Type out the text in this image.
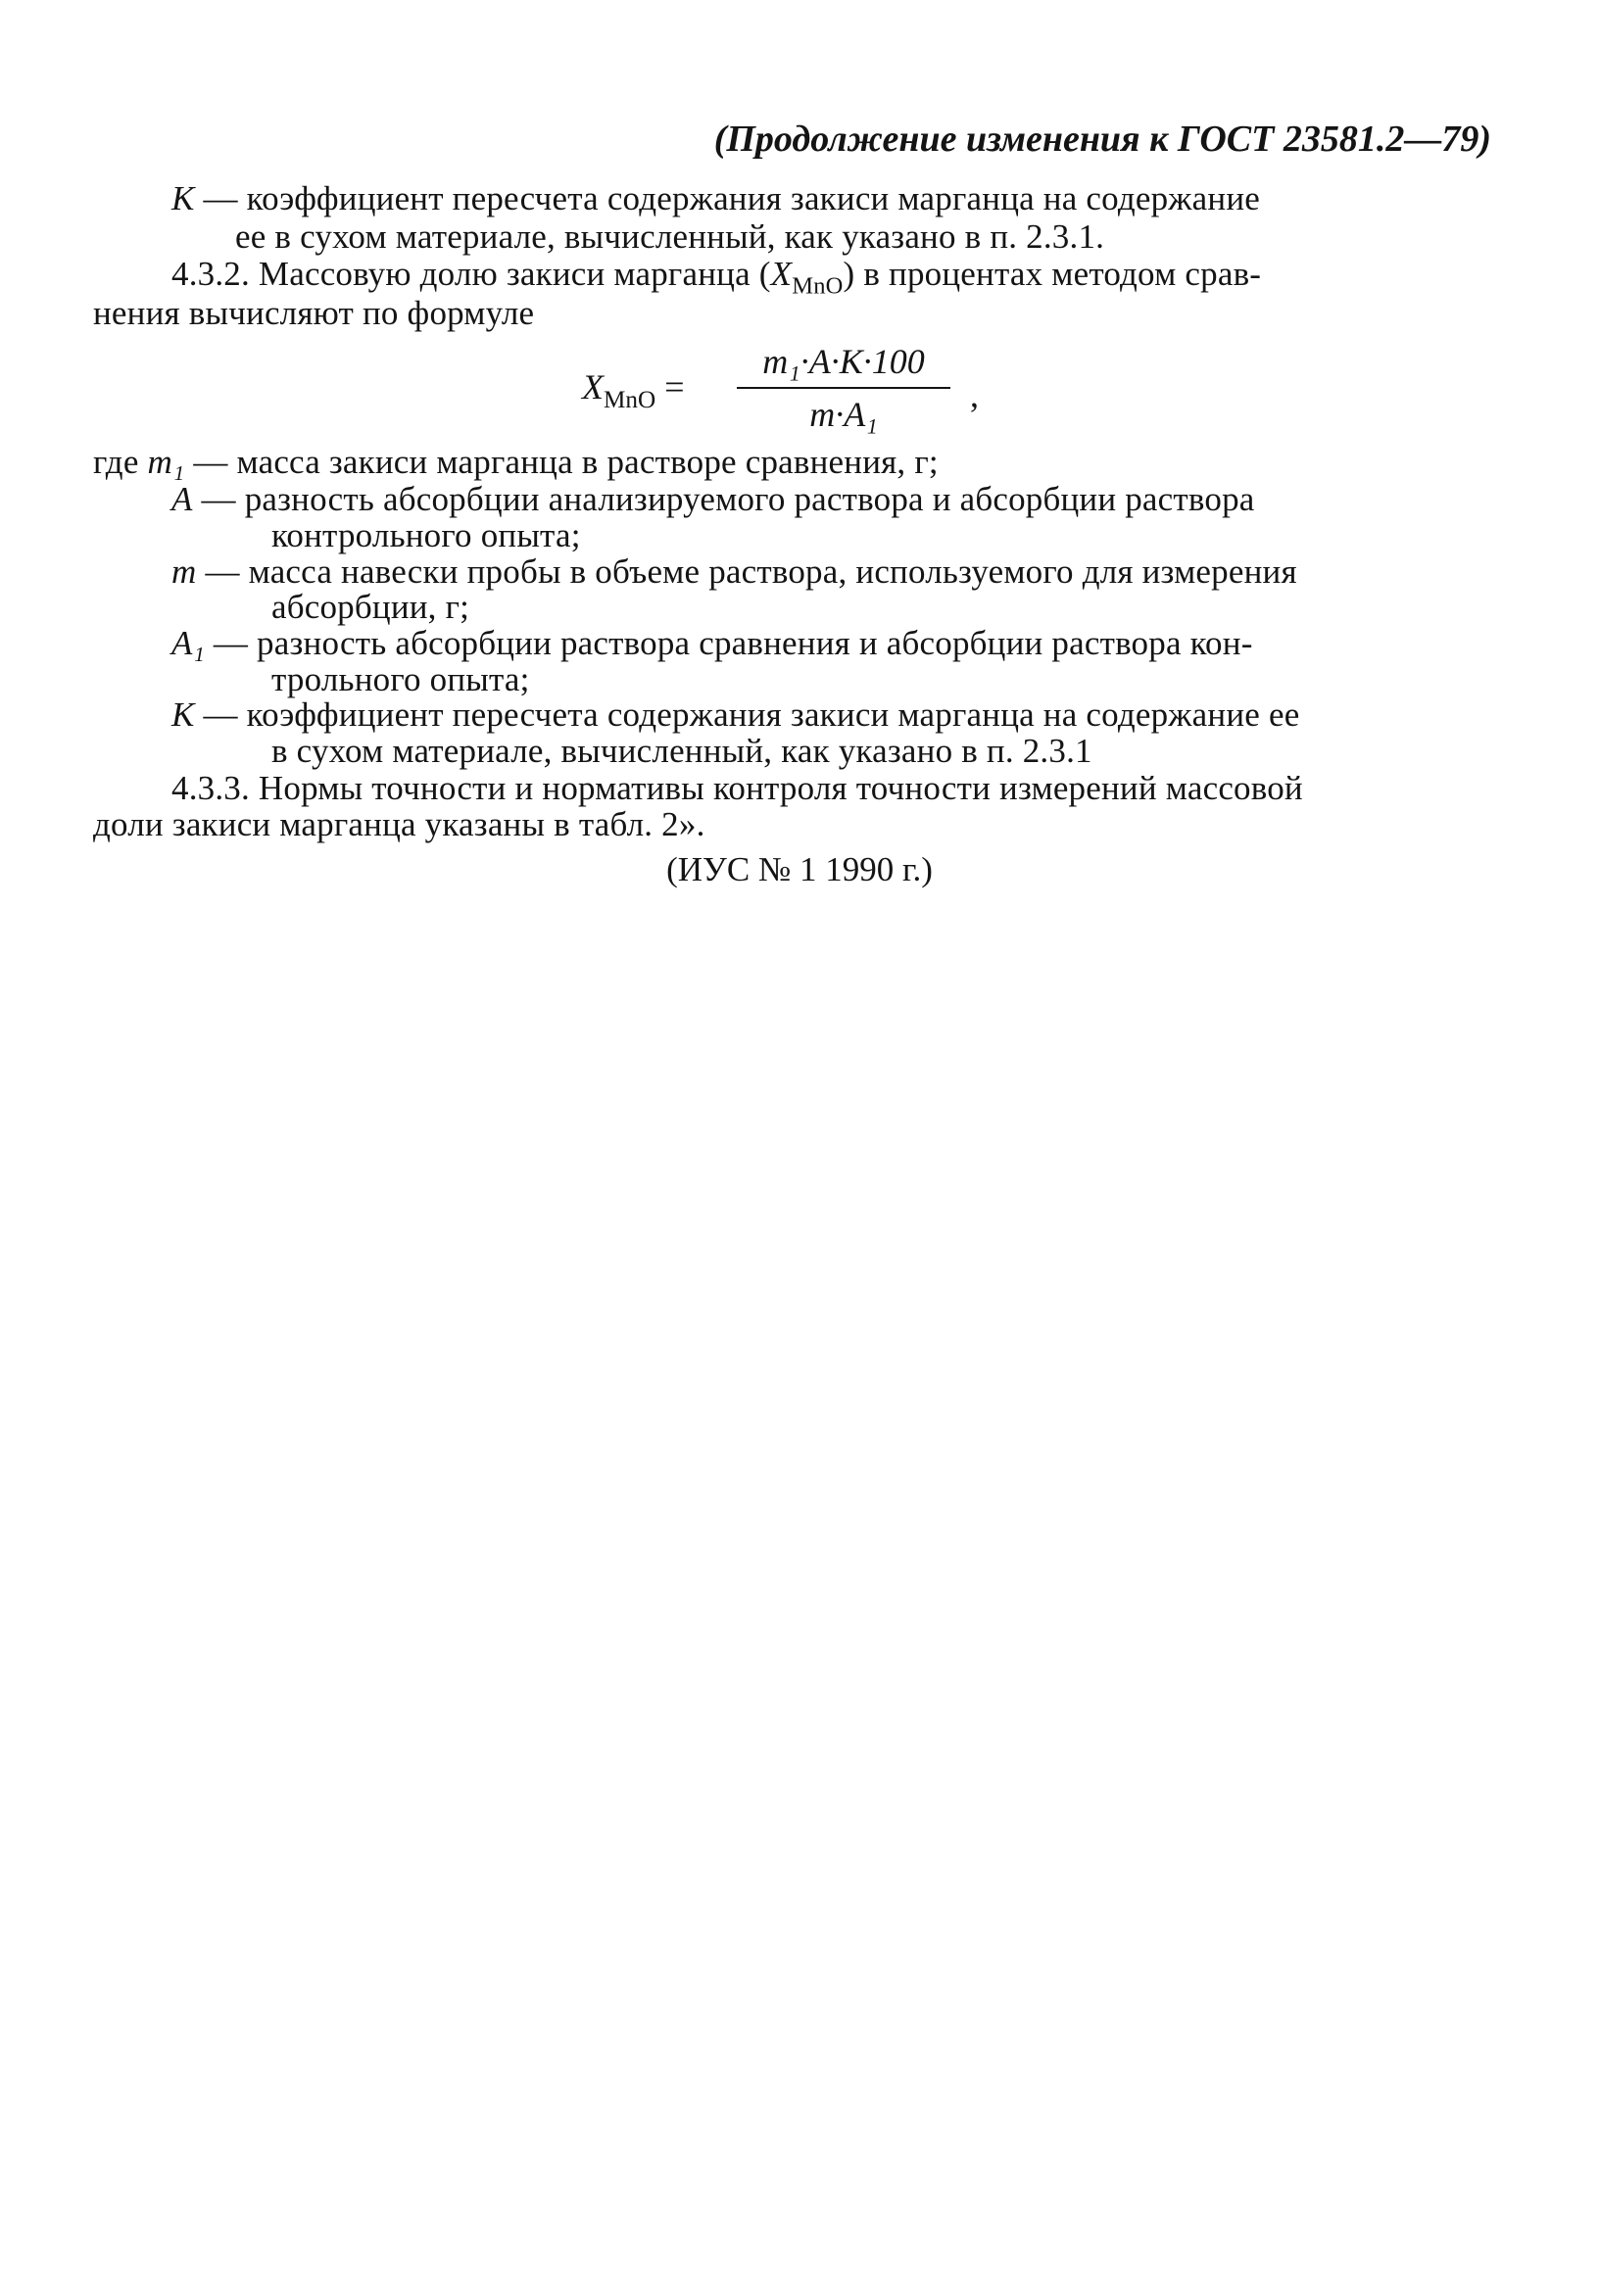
(Продолжение изменения к ГОСТ 23581.2—79)
K — коэффициент пересчета содержания закиси марганца на содержание
ее в сухом материале, вычисленный, как указано в п. 2.3.1.
4.3.2. Массовую долю закиси марганца $(X_{MnO})$ в процентах методом срав-
нения вычисляют по формуле
$X_{MnO}$ =
m₁·A·K·100
m·A₁	,
где m₁ — масса закиси марганца в растворе сравнения, г;
A — разность абсорбции анализируемого раствора и абсорбции раствора
контрольного опыта;
m — масса навески пробы в объеме раствора, используемого для измерения
абсорбции, г;
A₁ — разность абсорбции раствора сравнения и абсорбции раствора кон-
трольного опыта;
K — коэффициент пересчета содержания закиси марганца на содержание ее
в сухом материале, вычисленный, как указано в п. 2.3.1
4.3.3. Нормы точности и нормативы контроля точности измерений массовой
доли закиси марганца указаны в табл. 2».
(ИУС № 1 1990 г.)
